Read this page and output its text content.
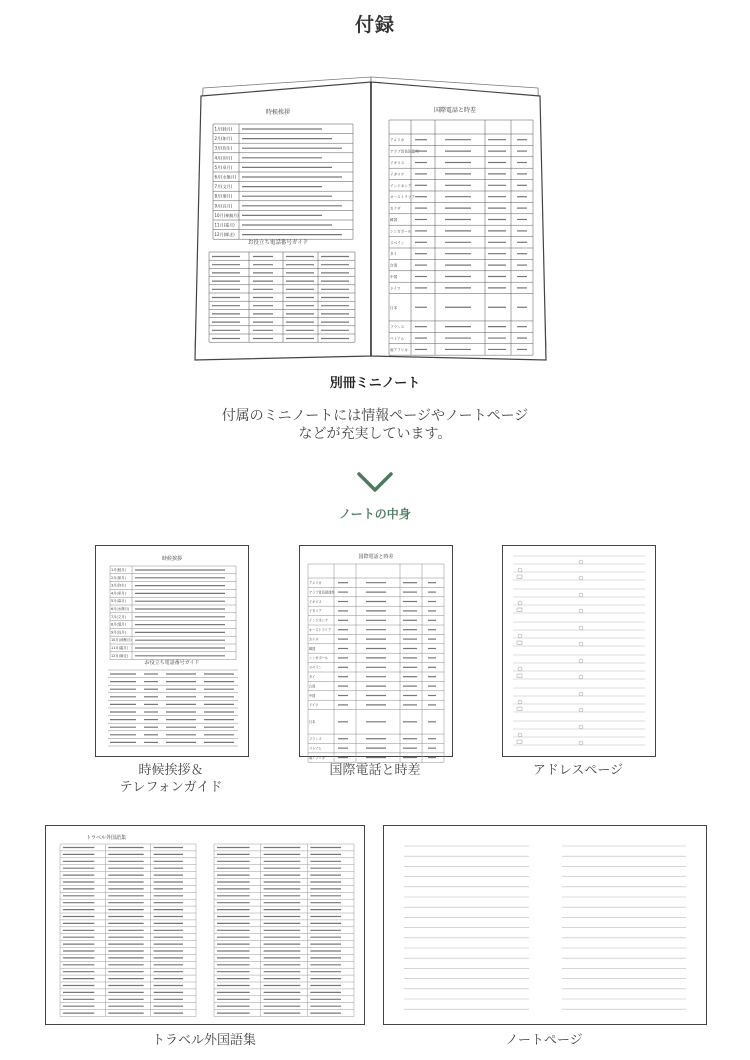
付録
時候挨拶
1月(睦月)
2月(如月)
3月(弥生)
4月(卯月)
5月(皐月)
6月(水無月)
7月(文月)
8月(葉月)
9月(長月)
10月(神無月)
11月(霜月)
12月(師走)
お役立ち電話番号ガイド
国際電話と時差
アメリカ
アラブ首長国連邦
イギリス
イタリア
インドネシア
オーストラリア
カナダ
韓国
シンガポール
スペイン
タイ
台湾
中国
ドイツ
日本
フランス
ベトナム
南アフリカ
別冊ミニノート
付属のミニノートには情報ページやノートページ
などが充実しています。
ノートの中身
時候挨拶
1月(睦月)
2月(如月)
3月(弥生)
4月(卯月)
5月(皐月)
6月(水無月)
7月(文月)
8月(葉月)
9月(長月)
10月(神無月)
11月(霜月)
12月(師走)
お役立ち電話番号ガイド
時候挨拶＆
テレフォンガイド
国際電話と時差
アメリカ
アラブ首長国連邦
イギリス
イタリア
インドネシア
オーストラリア
カナダ
韓国
シンガポール
スペイン
タイ
台湾
中国
ドイツ
日本
フランス
ベトナム
南アフリカ
国際電話と時差	アドレスページ
トラベル外国語集
トラベル外国語集	ノートページ
